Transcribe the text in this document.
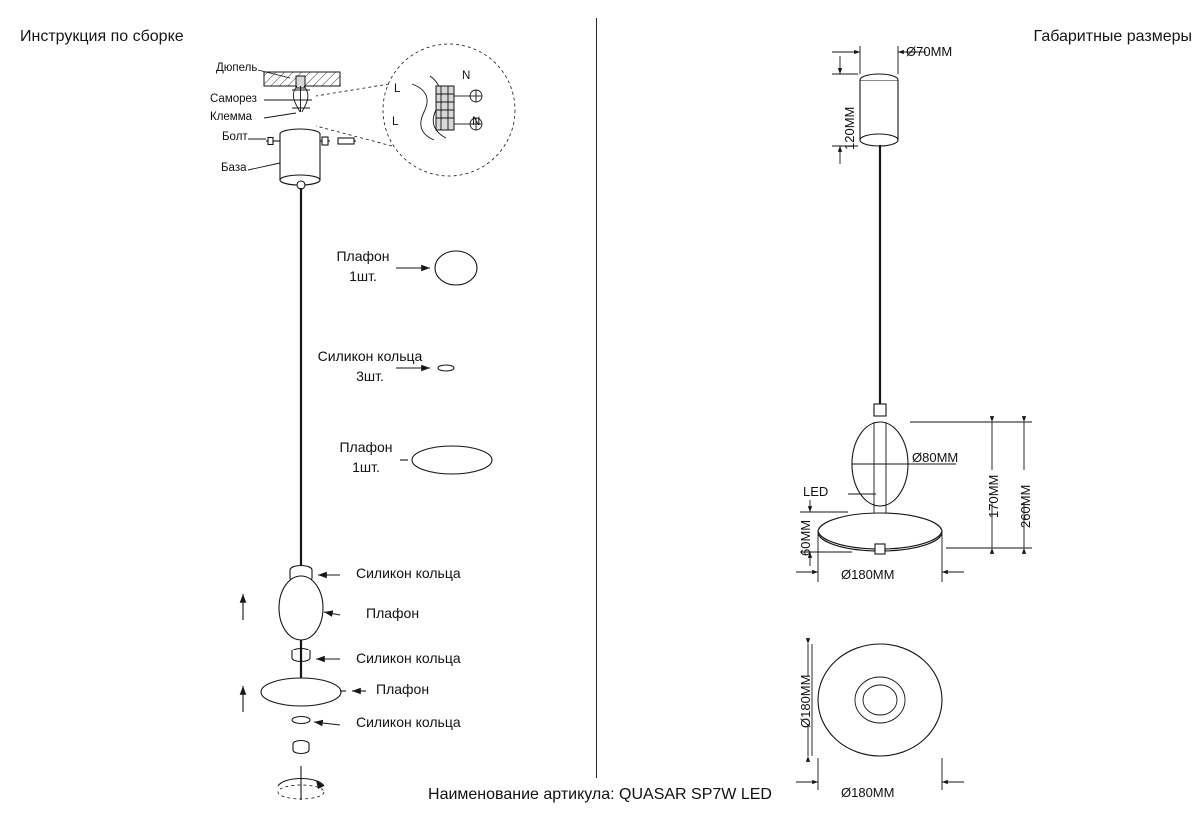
Инструкция по сборке	Габаритные размеры
Наименование артикула: QUASAR SP7W LED
Дюпель
Саморез
Клемма
Болт
База
L
N
L	N
Плафон
1шт.
Силикон кольца
3шт.
Плафон
1шт.
Силикон кольца
Плафон
Силикон кольца
Плафон
Силикон кольца
Ø70ММ
120ММ
Ø80ММ
170ММ 260ММ
60ММ
Ø180ММ
LED
Ø180ММ
Ø180ММ
